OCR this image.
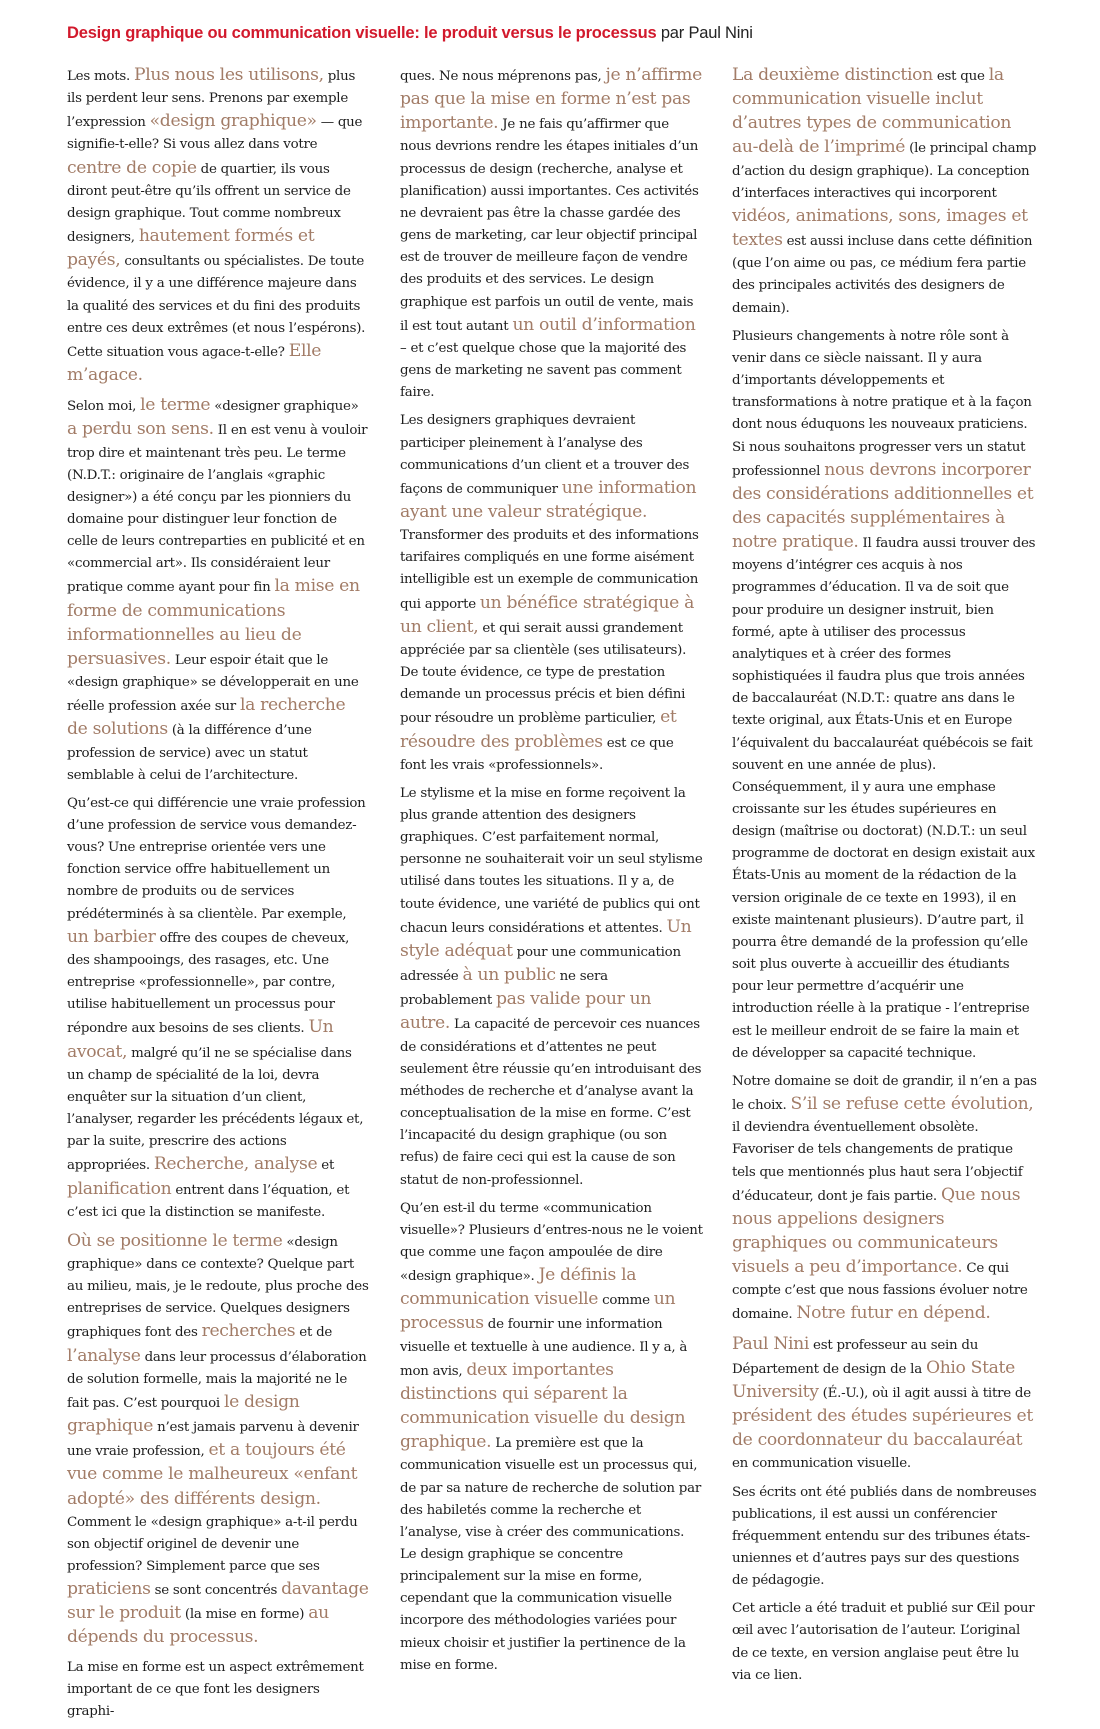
Design graphique ou communication visuelle: le produit versus le processus par Paul Nini

Les mots. Plus nous les utilisons, plus ils perdent leur sens. Prenons par exemple l’expression «design graphique» — que signifie-t-elle? Si vous allez dans votre centre de copie de quartier, ils vous diront peut-être qu’ils offrent un service de design graphique. Tout comme nombreux designers, hautement formés et payés, consultants ou spécialistes. De toute évidence, il y a une différence majeure dans la qualité des services et du fini des produits entre ces deux extrêmes (et nous l’espérons). Cette situation vous agace-t-elle? Elle m’agace.

Selon moi, le terme «designer graphique» a perdu son sens. Il en est venu à vouloir trop dire et maintenant très peu. Le terme (N.D.T.: originaire de l’anglais «graphic designer») a été conçu par les pionniers du domaine pour distinguer leur fonction de celle de leurs contreparties en publicité et en «commercial art». Ils considéraient leur pratique comme ayant pour fin la mise en forme de communications informationnelles au lieu de persuasives. Leur espoir était que le «design graphique» se développerait en une réelle profession axée sur la recherche de solutions (à la différence d’une profession de service) avec un statut semblable à celui de l’architecture.

Qu’est-ce qui différencie une vraie profession d’une profession de service vous demandez-vous? Une entreprise orientée vers une fonction service offre habituellement un nombre de produits ou de services prédéterminés à sa clientèle. Par exemple, un barbier offre des coupes de cheveux, des shampooings, des rasages, etc. Une entreprise «professionnelle», par contre, utilise habituellement un processus pour répondre aux besoins de ses clients. Un avocat, malgré qu’il ne se spécialise dans un champ de spécialité de la loi, devra enquêter sur la situation d’un client, l’analyser, regarder les précédents légaux et, par la suite, prescrire des actions appropriées. Recherche, analyse et planification entrent dans l’équation, et c’est ici que la distinction se manifeste.

Où se positionne le terme «design graphique» dans ce contexte? Quelque part au milieu, mais, je le redoute, plus proche des entreprises de service. Quelques designers graphiques font des recherches et de l’analyse dans leur processus d’élaboration de solution formelle, mais la majorité ne le fait pas. C’est pourquoi le design graphique n’est jamais parvenu à devenir une vraie profession, et a toujours été vue comme le malheureux «enfant adopté» des différents design. Comment le «design graphique» a-t-il perdu son objectif originel de devenir une profession? Simplement parce que ses praticiens se sont concentrés davantage sur le produit (la mise en forme) au dépends du processus.

La mise en forme est un aspect extrêmement important de ce que font les designers graphi-

ques. Ne nous méprenons pas, je n’affirme pas que la mise en forme n’est pas importante. Je ne fais qu’affirmer que nous devrions rendre les étapes initiales d’un processus de design (recherche, analyse et planification) aussi importantes. Ces activités ne devraient pas être la chasse gardée des gens de marketing, car leur objectif principal est de trouver de meilleure façon de vendre des produits et des services. Le design graphique est parfois un outil de vente, mais il est tout autant un outil d’information – et c’est quelque chose que la majorité des gens de marketing ne savent pas comment faire.

Les designers graphiques devraient participer pleinement à l’analyse des communications d’un client et a trouver des façons de communiquer une information ayant une valeur stratégique. Transformer des produits et des informations tarifaires compliqués en une forme aisément intelligible est un exemple de communication qui apporte un bénéfice stratégique à un client, et qui serait aussi grandement appréciée par sa clientèle (ses utilisateurs). De toute évidence, ce type de prestation demande un processus précis et bien défini pour résoudre un problème particulier, et résoudre des problèmes est ce que font les vrais «professionnels».

Le stylisme et la mise en forme reçoivent la plus grande attention des designers graphiques. C’est parfaitement normal, personne ne souhaiterait voir un seul stylisme utilisé dans toutes les situations. Il y a, de toute évidence, une variété de publics qui ont chacun leurs considérations et attentes. Un style adéquat pour une communication adressée à un public ne sera probablement pas valide pour un autre. La capacité de percevoir ces nuances de considérations et d’attentes ne peut seulement être réussie qu’en introduisant des méthodes de recherche et d’analyse avant la conceptualisation de la mise en forme. C’est l’incapacité du design graphique (ou son refus) de faire ceci qui est la cause de son statut de non-professionnel.

Qu’en est-il du terme «communication visuelle»? Plusieurs d’entres-nous ne le voient que comme une façon ampoulée de dire «design graphique». Je définis la communication visuelle comme un processus de fournir une information visuelle et textuelle à une audience. Il y a, à mon avis, deux importantes distinctions qui séparent la communication visuelle du design graphique. La première est que la communication visuelle est un processus qui, de par sa nature de recherche de solution par des habiletés comme la recherche et l’analyse, vise à créer des communications. Le design graphique se concentre principalement sur la mise en forme, cependant que la communication visuelle incorpore des méthodologies variées pour mieux choisir et justifier la pertinence de la mise en forme.

La deuxième distinction est que la communication visuelle inclut d’autres types de communication au-delà de l’imprimé (le principal champ d’action du design graphique). La conception d’interfaces interactives qui incorporent vidéos, animations, sons, images et textes est aussi incluse dans cette définition (que l’on aime ou pas, ce médium fera partie des principales activités des designers de demain).

Plusieurs changements à notre rôle sont à venir dans ce siècle naissant. Il y aura d’importants développements et transformations à notre pratique et à la façon dont nous éduquons les nouveaux praticiens. Si nous souhaitons progresser vers un statut professionnel nous devrons incorporer des considérations additionnelles et des capacités supplémentaires à notre pratique. Il faudra aussi trouver des moyens d’intégrer ces acquis à nos programmes d’éducation. Il va de soit que pour produire un designer instruit, bien formé, apte à utiliser des processus analytiques et à créer des formes sophistiquées il faudra plus que trois années de baccalauréat (N.D.T.: quatre ans dans le texte original, aux États-Unis et en Europe l’équivalent du baccalauréat québécois se fait souvent en une année de plus). Conséquemment, il y aura une emphase croissante sur les études supérieures en design (maîtrise ou doctorat) (N.D.T.: un seul programme de doctorat en design existait aux États-Unis au moment de la rédaction de la version originale de ce texte en 1993), il en existe maintenant plusieurs). D’autre part, il pourra être demandé de la profession qu’elle soit plus ouverte à accueillir des étudiants pour leur permettre d’acquérir une introduction réelle à la pratique - l’entreprise est le meilleur endroit de se faire la main et de développer sa capacité technique.

Notre domaine se doit de grandir, il n’en a pas le choix. S’il se refuse cette évolution, il deviendra éventuellement obsolète. Favoriser de tels changements de pratique tels que mentionnés plus haut sera l’objectif d’éducateur, dont je fais partie. Que nous nous appelions designers graphiques ou communicateurs visuels a peu d’importance. Ce qui compte c’est que nous fassions évoluer notre domaine. Notre futur en dépend.

Paul Nini est professeur au sein du Département de design de la Ohio State University (É.-U.), où il agit aussi à titre de président des études supérieures et de coordonnateur du baccalauréat en communication visuelle.

Ses écrits ont été publiés dans de nombreuses publications, il est aussi un conférencier fréquemment entendu sur des tribunes états-uniennes et d’autres pays sur des questions de pédagogie.

Cet article a été traduit et publié sur Œil pour œil avec l’autorisation de l’auteur. L’original de ce texte, en version anglaise peut être lu via ce lien.
